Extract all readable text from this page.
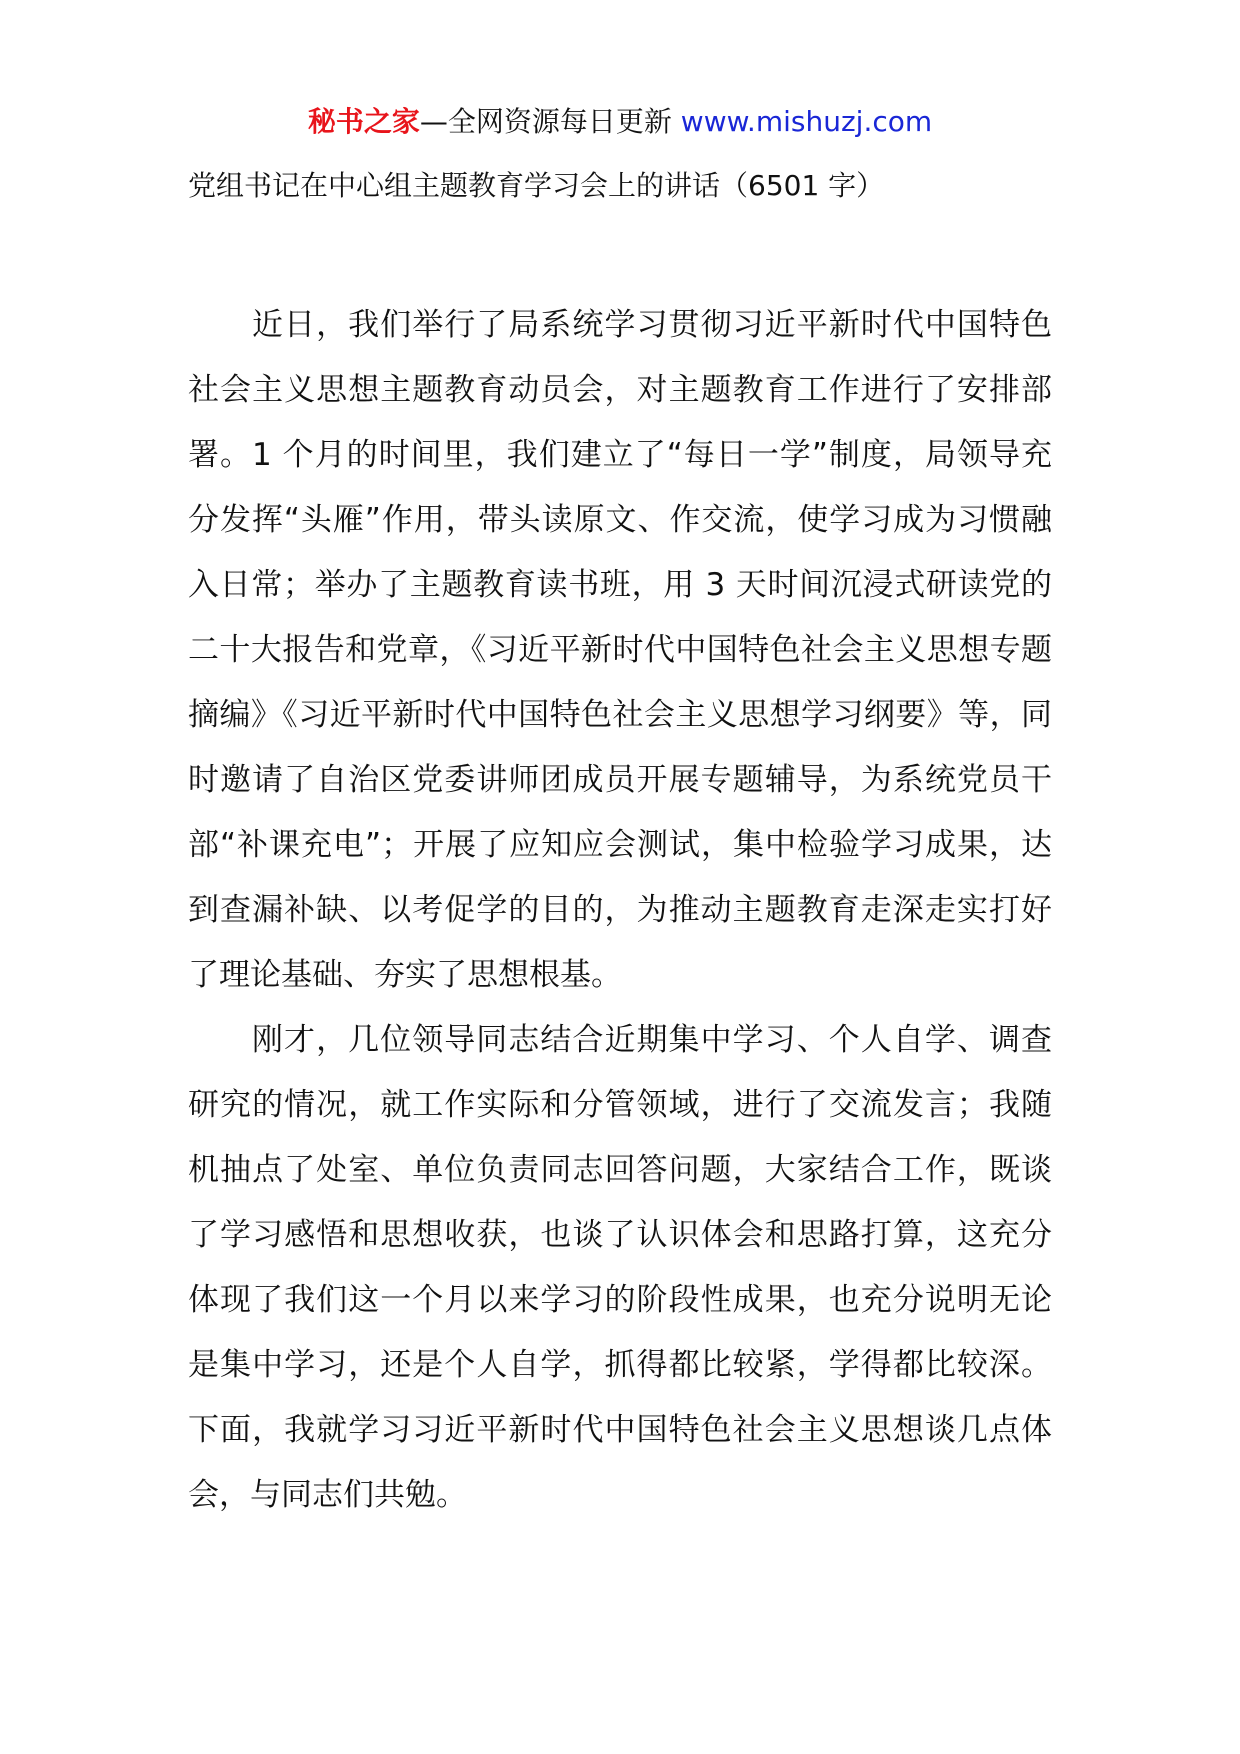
秘书之家—全网资源每日更新 www.mishuzj.com
党组书记在中心组主题教育学习会上的讲话（6501 字）

近日，我们举行了局系统学习贯彻习近平新时代中国特色社会主义思想主题教育动员会，对主题教育工作进行了安排部署。1 个月的时间里，我们建立了“每日一学”制度，局领导充分发挥“头雁”作用，带头读原文、作交流，使学习成为习惯融入日常；举办了主题教育读书班，用 3 天时间沉浸式研读党的二十大报告和党章，《习近平新时代中国特色社会主义思想专题摘编》《习近平新时代中国特色社会主义思想学习纲要》等，同时邀请了自治区党委讲师团成员开展专题辅导，为系统党员干部“补课充电”；开展了应知应会测试，集中检验学习成果，达到查漏补缺、以考促学的目的，为推动主题教育走深走实打好了理论基础、夯实了思想根基。

刚才，几位领导同志结合近期集中学习、个人自学、调查研究的情况，就工作实际和分管领域，进行了交流发言；我随机抽点了处室、单位负责同志回答问题，大家结合工作，既谈了学习感悟和思想收获，也谈了认识体会和思路打算，这充分体现了我们这一个月以来学习的阶段性成果，也充分说明无论是集中学习，还是个人自学，抓得都比较紧，学得都比较深。下面，我就学习习近平新时代中国特色社会主义思想谈几点体会，与同志们共勉。
